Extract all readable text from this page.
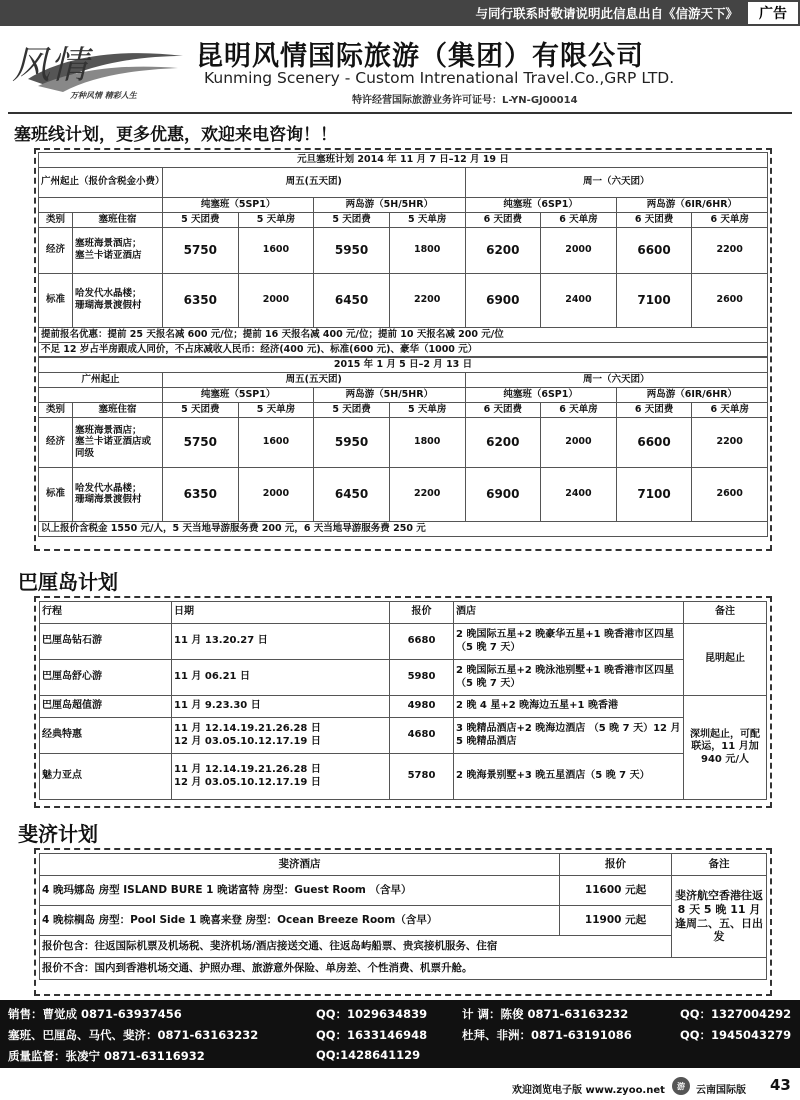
与同行联系时敬请说明此信息出自《信游天下》	广告
风情
万种风情 精彩人生
昆明风情国际旅游（集团）有限公司
Kunming Scenery - Custom Intrenational Travel.Co.,GRP LTD.
特许经营国际旅游业务许可证号：L-YN-GJ00014
塞班线计划，更多优惠，欢迎来电咨询！！
元旦塞班计划 2014 年 11 月 7 日–12 月 19 日									
广州起止（报价含税金小费）		周五(五天团)				周一（六天团）			
		纯塞班（5SP1）		两岛游（5H/5HR）		纯塞班（6SP1）		两岛游（6IR/6HR）	
类别	塞班住宿	5 天团费	5 天单房	5 天团费	5 天单房	6 天团费	6 天单房	6 天团费	6 天单房
经济	塞班海景酒店；
塞兰卡诺亚酒店	5750	1600	5950	1800	6200	2000	6600	2200
标准	哈发代水晶楼；
珊瑚海景渡假村	6350	2000	6450	2200	6900	2400	7100	2600
提前报名优惠：提前 25 天报名减 600 元/位；提前 16 天报名减 400 元/位；提前 10 天报名减 200 元/位									
不足 12 岁占半房跟成人同价，不占床减收人民币：经济(400 元)、标准(600 元)、豪华（1000 元）									
2015 年 1 月 5 日–2 月 13 日									
广州起止		周五(五天团)				周一（六天团）			
		纯塞班（5SP1）		两岛游（5H/5HR）		纯塞班（6SP1）		两岛游（6IR/6HR）	
类别	塞班住宿	5 天团费	5 天单房	5 天团费	5 天单房	6 天团费	6 天单房	6 天团费	6 天单房
经济	塞班海景酒店；
塞兰卡诺亚酒店或同级	5750	1600	5950	1800	6200	2000	6600	2200
标准	哈发代水晶楼；
珊瑚海景渡假村	6350	2000	6450	2200	6900	2400	7100	2600
以上报价含税金 1550 元/人，5 天当地导游服务费 200 元，6 天当地导游服务费 250 元									
巴厘岛计划
行程	日期	报价	酒店	备注
巴厘岛钻石游	11 月 13.20.27 日	6680	2 晚国际五星+2 晚豪华五星+1 晚香港市区四星 （5 晚 7 天）	昆明起止
巴厘岛舒心游	11 月 06.21 日	5980	2 晚国际五星+2 晚泳池别墅+1 晚香港市区四星 （5 晚 7 天）	
巴厘岛超值游	11 月 9.23.30 日	4980	2 晚 4 星+2 晚海边五星+1 晚香港	深圳起止，可配联运，11 月加 940 元/人
经典特惠	11 月 12.14.19.21.26.28 日
12 月 03.05.10.12.17.19 日	4680	3 晚精品酒店+2 晚海边酒店 （5 晚 7 天）12 月 5 晚精品酒店	
魅力亚点	11 月 12.14.19.21.26.28 日
12 月 03.05.10.12.17.19 日	5780	2 晚海景别墅+3 晚五星酒店（5 晚 7 天）	
斐济计划
斐济酒店	报价	备注
4 晚玛娜岛 房型 ISLAND BURE 1 晚诺富特 房型：Guest Room （含早）	11600 元起	斐济航空香港往返 8 天 5 晚 11 月逢周二、五、日出发
4 晚棕榈岛 房型：Pool Side 1 晚喜来登 房型：Ocean Breeze Room（含早）	11900 元起	
报价包含：往返国际机票及机场税、斐济机场/酒店接送交通、往返岛屿船票、贵宾接机服务、住宿		
报价不含：国内到香港机场交通、护照办理、旅游意外保险、单房差、个性消费、机票升舱。		
销售：曹觉成 0871-63937456	QQ：1029634839	计 调：陈俊 0871-63163232	QQ：1327004292
塞班、巴厘岛、马代、斐济：0871-63163232	QQ：1633146948	杜拜、非洲：0871-63191086	QQ：1945043279
质量监督：张凌宁 0871-63116932	QQ:1428641129
欢迎浏览电子版 www.zyoo.net	游	云南国际版 43
